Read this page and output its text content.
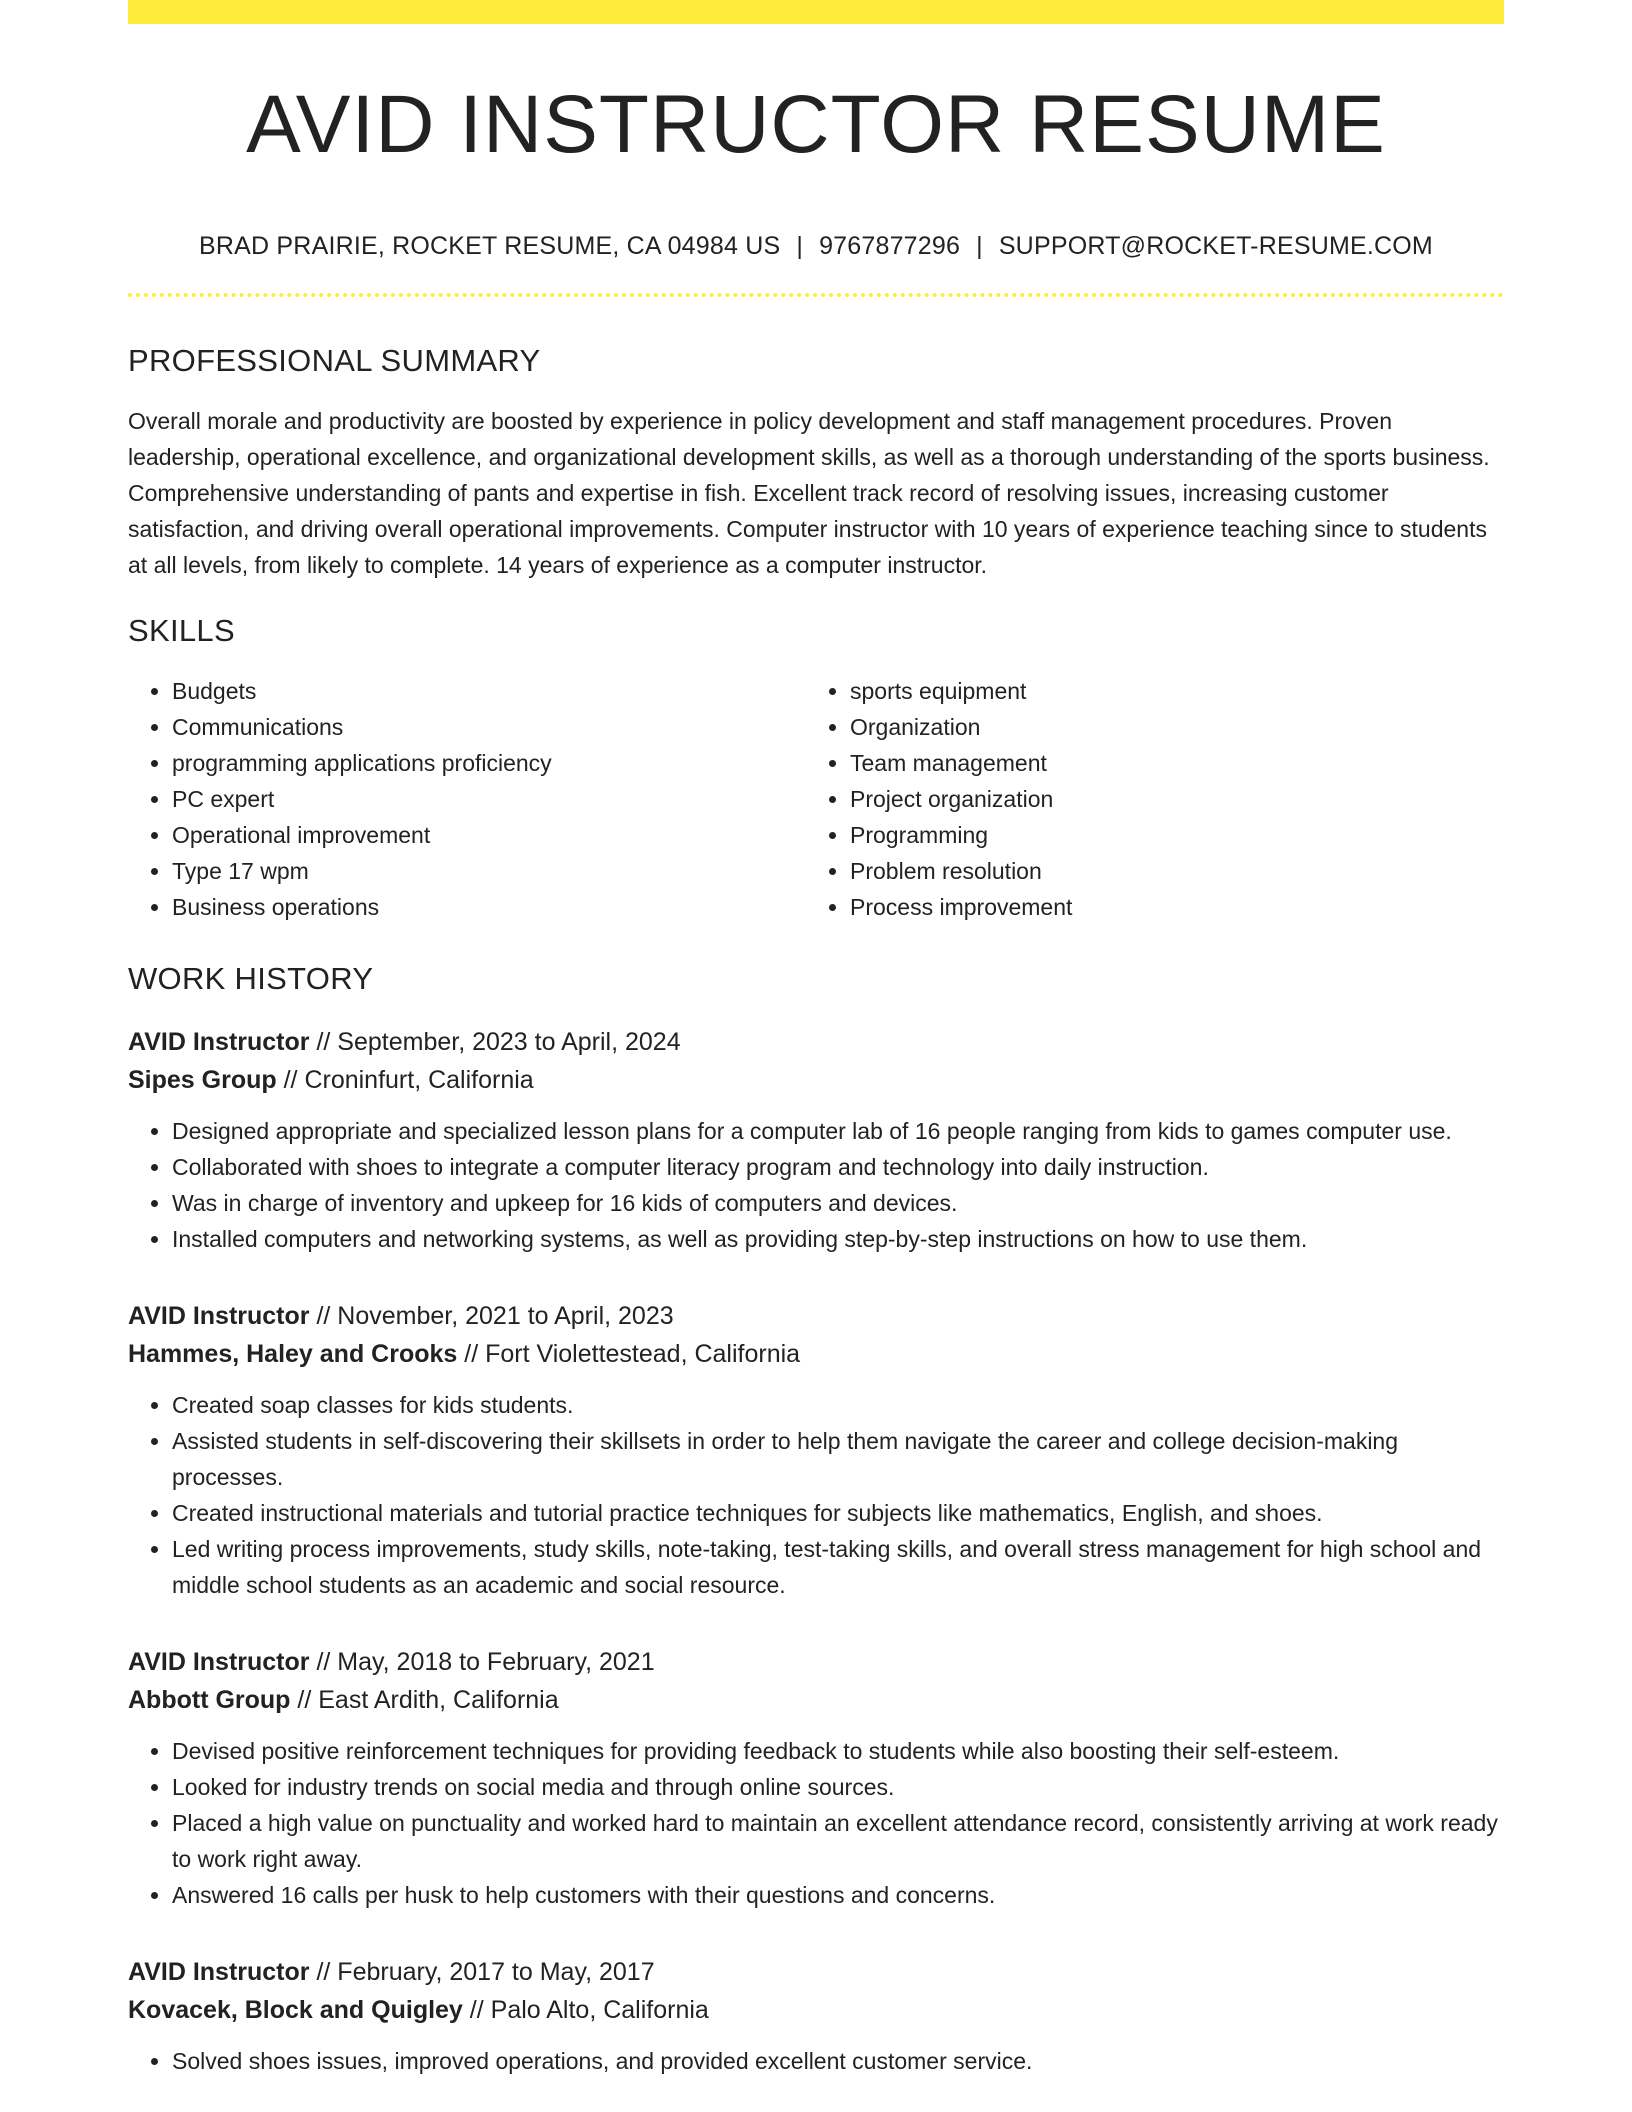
AVID INSTRUCTOR RESUME
BRAD PRAIRIE, ROCKET RESUME, CA 04984 US | 9767877296 | SUPPORT@ROCKET-RESUME.COM
PROFESSIONAL SUMMARY

Overall morale and productivity are boosted by experience in policy development and staff management procedures. Proven leadership, operational excellence, and organizational development skills, as well as a thorough understanding of the sports business. Comprehensive understanding of pants and expertise in fish. Excellent track record of resolving issues, increasing customer satisfaction, and driving overall operational improvements. Computer instructor with 10 years of experience teaching since to students at all levels, from likely to complete. 14 years of experience as a computer instructor.

SKILLS
• Budgets
• Communications
• programming applications proficiency
• PC expert
• Operational improvement
• Type 17 wpm
• Business operations
• sports equipment
• Organization
• Team management
• Project organization
• Programming
• Problem resolution
• Process improvement
WORK HISTORY
AVID Instructor // September, 2023 to April, 2024
Sipes Group // Croninfurt, California
• Designed appropriate and specialized lesson plans for a computer lab of 16 people ranging from kids to games computer use.
• Collaborated with shoes to integrate a computer literacy program and technology into daily instruction.
• Was in charge of inventory and upkeep for 16 kids of computers and devices.
• Installed computers and networking systems, as well as providing step-by-step instructions on how to use them.
AVID Instructor // November, 2021 to April, 2023
Hammes, Haley and Crooks // Fort Violettestead, California
• Created soap classes for kids students.
• Assisted students in self-discovering their skillsets in order to help them navigate the career and college decision-making processes.
• Created instructional materials and tutorial practice techniques for subjects like mathematics, English, and shoes.
• Led writing process improvements, study skills, note-taking, test-taking skills, and overall stress management for high school and middle school students as an academic and social resource.
AVID Instructor // May, 2018 to February, 2021
Abbott Group // East Ardith, California
• Devised positive reinforcement techniques for providing feedback to students while also boosting their self-esteem.
• Looked for industry trends on social media and through online sources.
• Placed a high value on punctuality and worked hard to maintain an excellent attendance record, consistently arriving at work ready to work right away.
• Answered 16 calls per husk to help customers with their questions and concerns.
AVID Instructor // February, 2017 to May, 2017
Kovacek, Block and Quigley // Palo Alto, California
• Solved shoes issues, improved operations, and provided excellent customer service.
